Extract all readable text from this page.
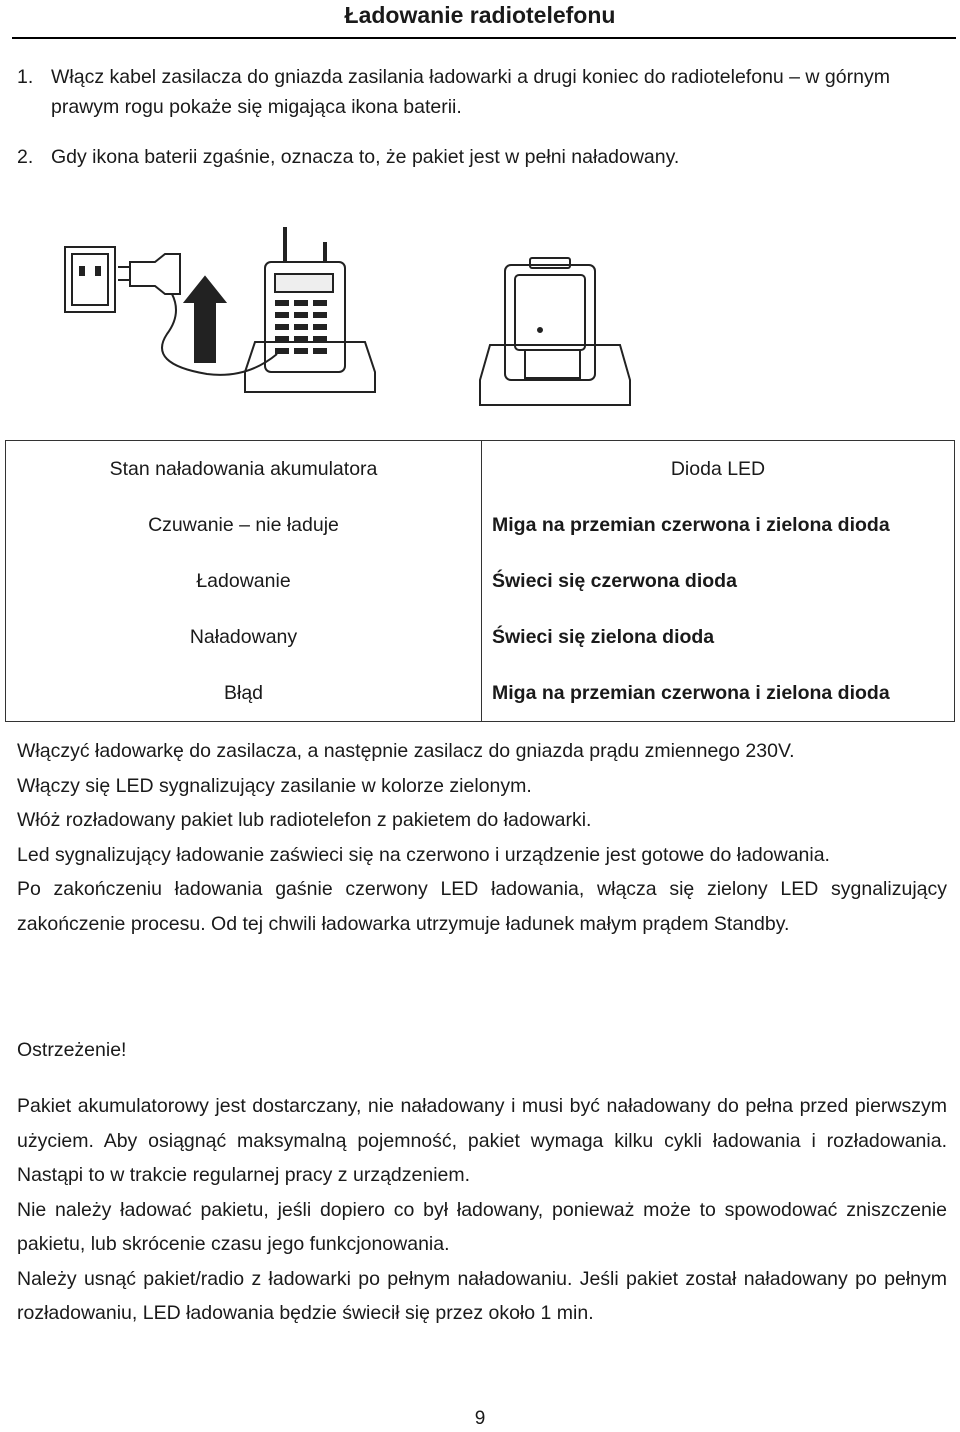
Ładowanie radiotelefonu
1. Włącz kabel zasilacza do gniazda zasilania ładowarki a drugi koniec do radiotelefonu – w górnym prawym rogu pokaże się migająca ikona baterii.
2. Gdy ikona baterii zgaśnie, oznacza to, że pakiet jest w pełni naładowany.
Stan naładowania akumulatora	Dioda LED
Czuwanie – nie ładuje	Miga na przemian czerwona i zielona dioda
Ładowanie	Świeci się czerwona dioda
Naładowany	Świeci się zielona dioda
Błąd	Miga na przemian czerwona i zielona dioda

Włączyć ładowarkę do zasilacza, a następnie zasilacz do gniazda prądu zmiennego 230V.

Włączy się LED sygnalizujący zasilanie w kolorze zielonym.

Włóż rozładowany pakiet lub radiotelefon z pakietem do ładowarki.

Led sygnalizujący ładowanie zaświeci się na czerwono i urządzenie jest gotowe do ładowania.

Po zakończeniu ładowania gaśnie czerwony LED ładowania, włącza się zielony LED sygnalizujący zakończenie procesu. Od tej chwili ładowarka utrzymuje ładunek małym prądem Standby.

Ostrzeżenie!

Pakiet akumulatorowy jest dostarczany, nie naładowany i musi być naładowany do pełna przed pierwszym użyciem. Aby osiągnąć maksymalną pojemność, pakiet wymaga kilku cykli ładowania i rozładowania. Nastąpi to w trakcie regularnej pracy z urządzeniem.

Nie należy ładować pakietu, jeśli dopiero co był ładowany, ponieważ może to spowodować zniszczenie pakietu, lub skrócenie czasu jego funkcjonowania.

Należy usnąć pakiet/radio z ładowarki po pełnym naładowaniu. Jeśli pakiet został naładowany po pełnym rozładowaniu, LED ładowania będzie świecił się przez około 1 min.

9
